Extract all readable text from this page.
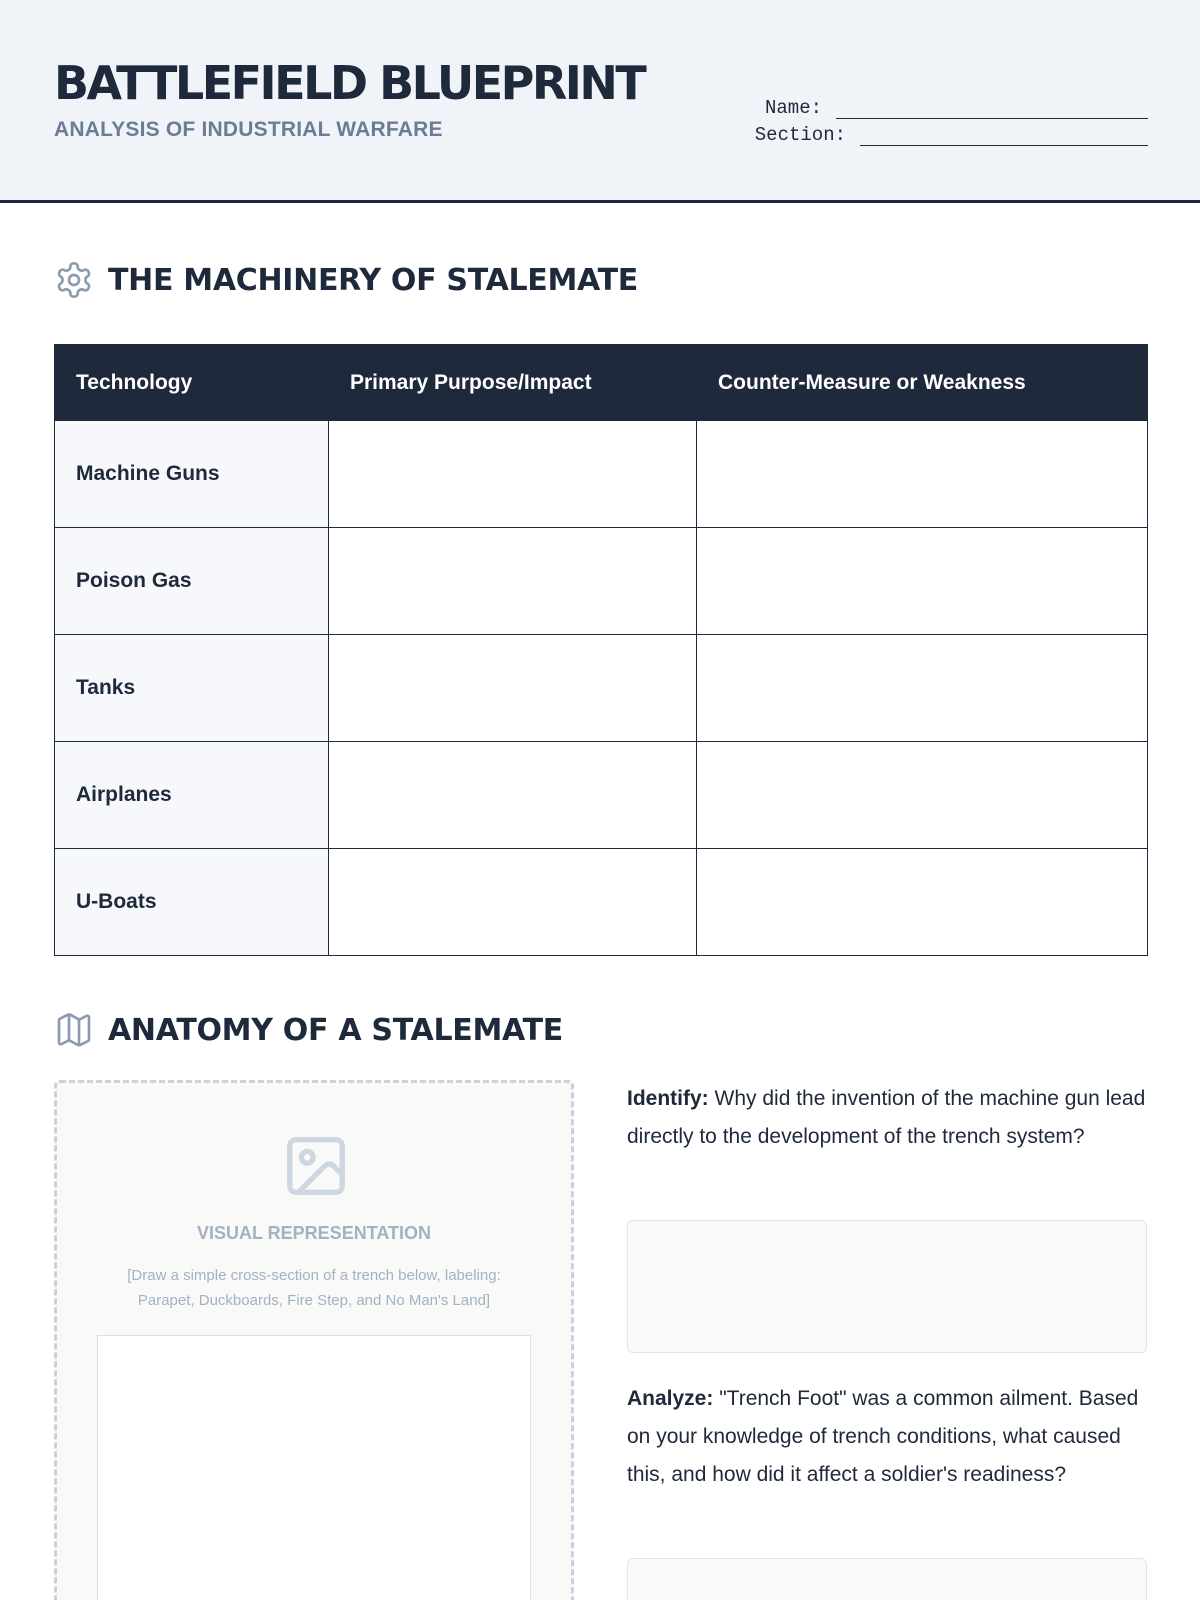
BATTLEFIELD BLUEPRINT
ANALYSIS OF INDUSTRIAL WARFARE
Name:
Section:
THE MACHINERY OF STALEMATE
Technology	Primary Purpose/Impact	Counter-Measure or Weakness
Machine Guns		
Poison Gas		
Tanks		
Airplanes		
U-Boats		
ANATOMY OF A STALEMATE
VISUAL REPRESENTATION
[Draw a simple cross-section of a trench below, labeling: Parapet, Duckboards, Fire Step, and No Man's Land]
Identify: Why did the invention of the machine gun lead directly to the development of the trench system?
Analyze: "Trench Foot" was a common ailment. Based on your knowledge of trench conditions, what caused this, and how did it affect a soldier's readiness?
